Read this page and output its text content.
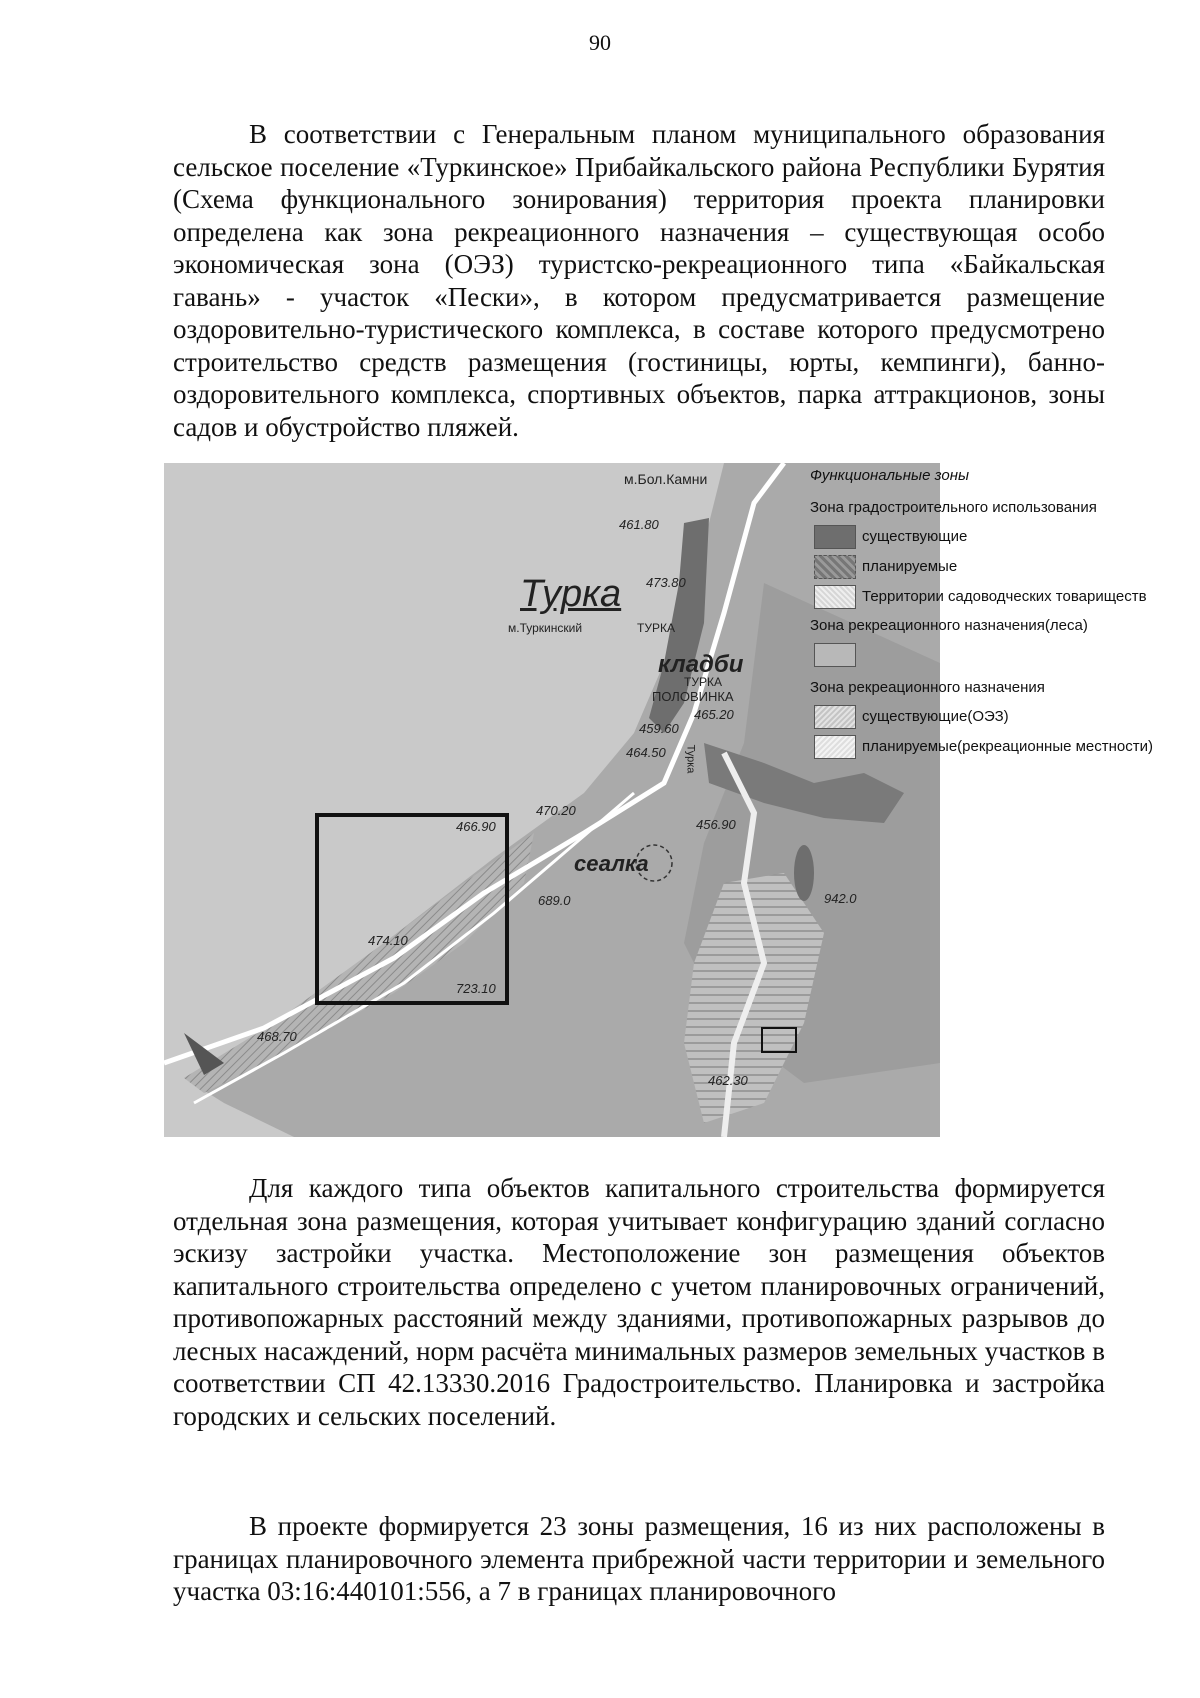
90

В соответствии с Генеральным планом муниципального образования сельское поселение «Туркинское» Прибайкальского района Республики Бурятия (Схема функционального зонирования) территория проекта планировки определена как зона рекреационного назначения – существующая особо экономическая зона (ОЭЗ) туристско-рекреационного типа «Байкальская гавань» - участок «Пески», в котором предусматривается размещение оздоровительно-туристического комплекса, в составе которого предусмотрено строительство средств размещения (гостиницы, юрты, кемпинги), банно-оздоровительного комплекса, спортивных объектов, парка аттракционов, зоны садов и обустройство пляжей.

м.Бол.Камни
Турка
м.Туркинский	ТУРКА
кладби
ТУРКА
ПОЛОВИНКА
сеалка
Турка
461.80
473.80
465.20
459.60
464.50
470.20
456.90
466.90
689.0
474.10
723.10
468.70
942.0
462.30
Функциональные зоны
Зона градостроительного использования
существующие
планируемые
Территории садоводческих товариществ
Зона рекреационного назначения(леса)
Зона рекреационного назначения
существующие(ОЭЗ)
планируемые(рекреационные местности)

Для каждого типа объектов капитального строительства формируется отдельная зона размещения, которая учитывает конфигурацию зданий согласно эскизу застройки участка. Местоположение зон размещения объектов капитального строительства определено с учетом планировочных ограничений, противопожарных расстояний между зданиями, противопожарных разрывов до лесных насаждений, норм расчёта минимальных размеров земельных участков в соответствии СП 42.13330.2016 Градостроительство. Планировка и застройка городских и сельских поселений.

В проекте формируется 23 зоны размещения, 16 из них расположены в границах планировочного элемента прибрежной части территории и земельного участка 03:16:440101:556, а 7 в границах планировочного
